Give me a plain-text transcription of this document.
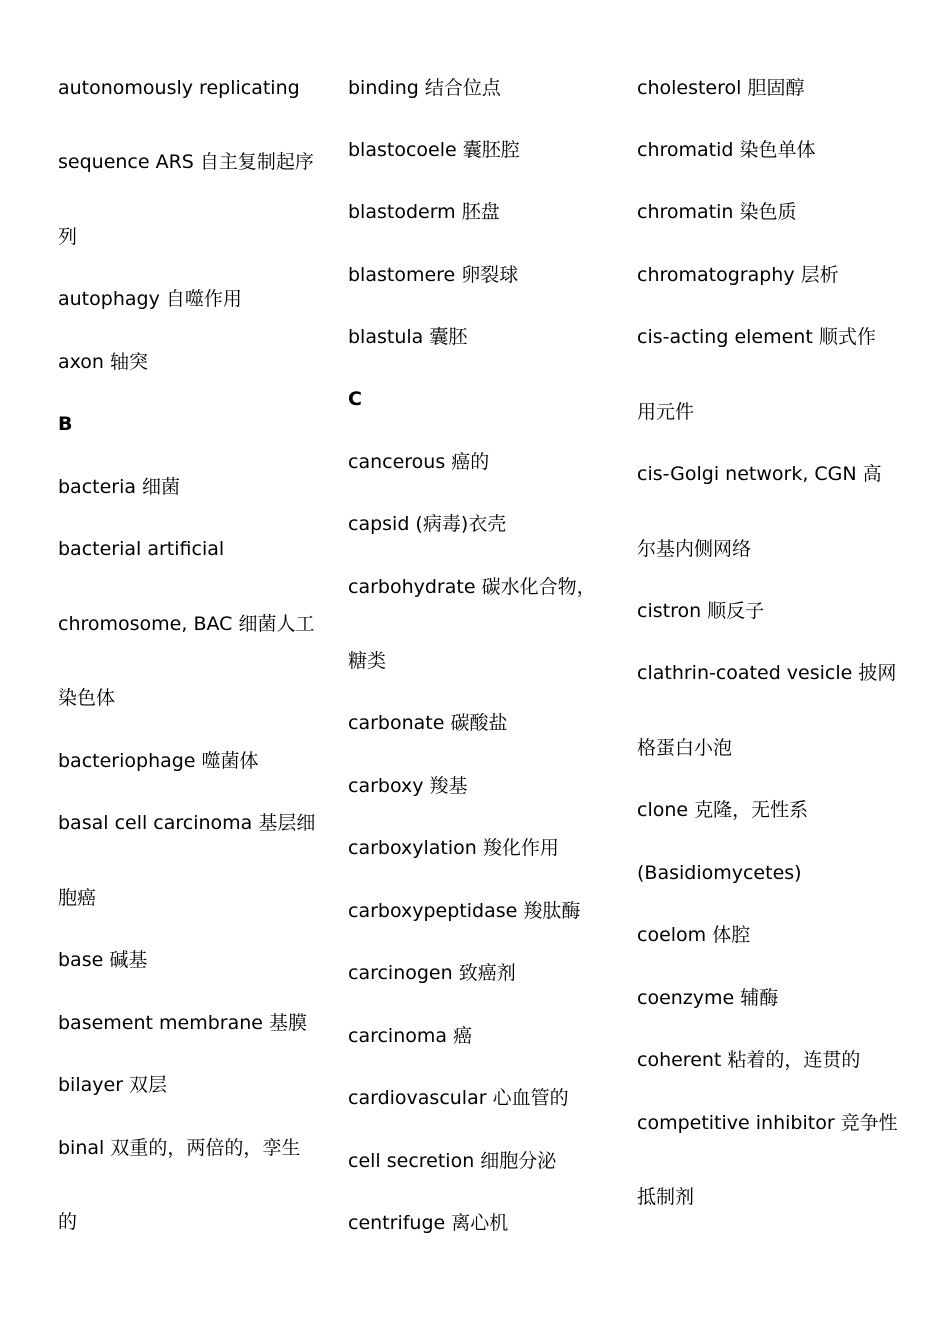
autonomously replicating
sequence ARS 自主复制起序
列
autophagy 自噬作用
axon 轴突
B
bacteria 细菌
bacterial artificial
chromosome, BAC 细菌人工
染色体
bacteriophage 噬菌体
basal cell carcinoma 基层细
胞癌
base 碱基
basement membrane 基膜
bilayer 双层
binal 双重的，两倍的，孪生
的
binding 结合位点
blastocoele 囊胚腔
blastoderm 胚盘
blastomere 卵裂球
blastula 囊胚
C
cancerous 癌的
capsid (病毒)衣壳
carbohydrate 碳水化合物，
糖类
carbonate 碳酸盐
carboxy 羧基
carboxylation 羧化作用
carboxypeptidase 羧肽酶
carcinogen 致癌剂
carcinoma 癌
cardiovascular 心血管的
cell secretion 细胞分泌
centrifuge 离心机
cholesterol 胆固醇
chromatid 染色单体
chromatin 染色质
chromatography 层析
cis-acting element 顺式作
用元件
cis-Golgi network, CGN 高
尔基内侧网络
cistron 顺反子
clathrin-coated vesicle 披网
格蛋白小泡
clone 克隆，无性系
(Basidiomycetes)
coelom 体腔
coenzyme 辅酶
coherent 粘着的，连贯的
competitive inhibitor 竞争性
抵制剂
